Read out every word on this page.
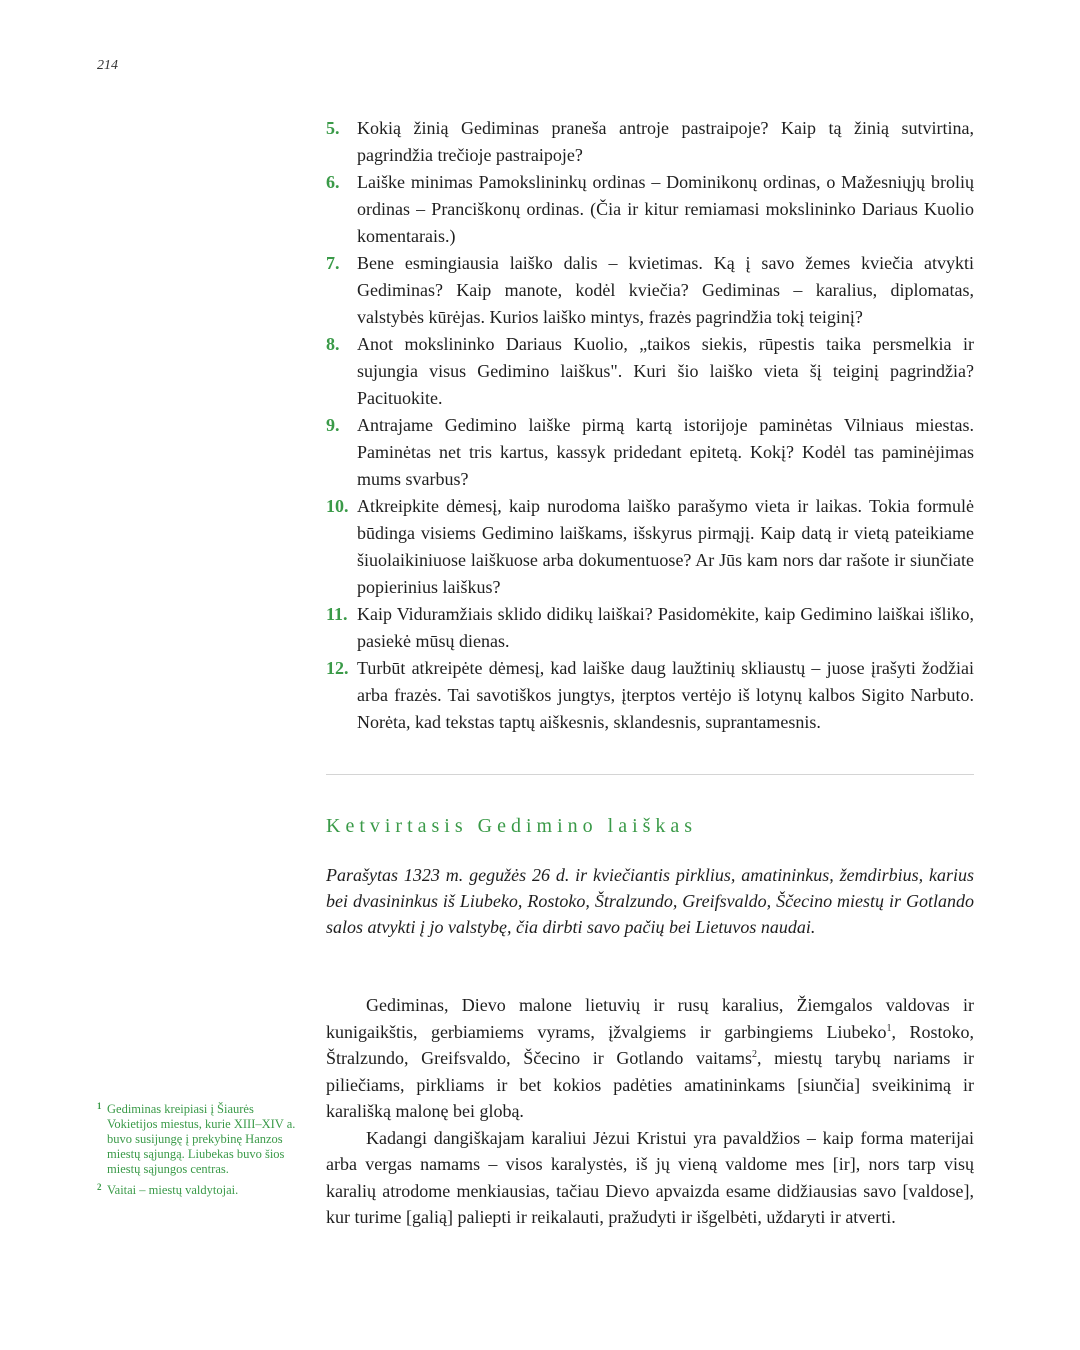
214
5. Kokią žinią Gediminas praneša antroje pastraipoje? Kaip tą žinią sutvirtina, pagrindžia trečioje pastraipoje?
6. Laiške minimas Pamokslininkų ordinas – Dominikonų ordinas, o Mažesniųjų brolių ordinas – Pranciškonų ordinas. (Čia ir kitur remiamasi mokslininko Dariaus Kuolio komentarais.)
7. Bene esmingiausia laiško dalis – kvietimas. Ką į savo žemes kviečia atvykti Gediminas? Kaip manote, kodėl kviečia? Gediminas – karalius, diplomatas, valstybės kūrėjas. Kurios laiško mintys, frazės pagrindžia tokį teiginį?
8. Anot mokslininko Dariaus Kuolio, „taikos siekis, rūpestis taika persmelkia ir sujungia visus Gedimino laiškus". Kuri šio laiško vieta šį teiginį pagrindžia? Pacituokite.
9. Antrajame Gedimino laiške pirmą kartą istorijoje paminėtas Vilniaus miestas. Paminėtas net tris kartus, kassyk pridedant epitetą. Kokį? Kodėl tas paminėjimas mums svarbus?
10. Atkreipkite dėmesį, kaip nurodoma laiško parašymo vieta ir laikas. Tokia formulė būdinga visiems Gedimino laiškams, išskyrus pirmąjį. Kaip datą ir vietą pateikiame šiuolaikiniuose laiškuose arba dokumentuose? Ar Jūs kam nors dar rašote ir siunčiate popierinius laiškus?
11. Kaip Viduramžiais sklido didikų laiškai? Pasidomėkite, kaip Gedimino laiškai išliko, pasiekė mūsų dienas.
12. Turbūt atkreipėte dėmesį, kad laiške daug laužtinių skliaustų – juose įrašyti žodžiai arba frazės. Tai savotiškos jungtys, įterptos vertėjo iš lotynų kalbos Sigito Narbuto. Norėta, kad tekstas taptų aiškesnis, sklandesnis, suprantamesnis.
Ketvirtasis Gedimino laiškas

Parašytas 1323 m. gegužės 26 d. ir kviečiantis pirklius, amatininkus, žemdirbius, karius bei dvasininkus iš Liubeko, Rostoko, Štralzundo, Greifsvaldo, Ščecino miestų ir Gotlando salos atvykti į jo valstybę, čia dirbti savo pačių bei Lietuvos naudai.

Gediminas, Dievo malone lietuvių ir rusų karalius, Žiemgalos valdovas ir kunigaikštis, gerbiamiems vyrams, įžvalgiems ir garbingiems Liubeko$^1$, Rostoko, Štralzundo, Greifsvaldo, Ščecino ir Gotlando vaitams$^2$, miestų tarybų nariams ir piliečiams, pirkliams ir bet kokios padėties amatininkams [siunčia] sveikinimą ir karališką malonę bei globą.

Kadangi dangiškajam karaliui Jėzui Kristui yra pavaldžios – kaip forma materijai arba vergas namams – visos karalystės, iš jų vieną valdome mes [ir], nors tarp visų karalių atrodome menkiausias, tačiau Dievo apvaizda esame didžiausias savo [valdose], kur turime [galią] paliepti ir reikalauti, pražudyti ir išgelbėti, uždaryti ir atverti.

1 Gediminas kreipiasi į Šiaurės Vokietijos miestus, kurie XIII–XIV a. buvo susijungę į prekybinę Hanzos miestų sąjungą. Liubekas buvo šios miestų sąjungos centras.
2 Vaitai – miestų valdytojai.
